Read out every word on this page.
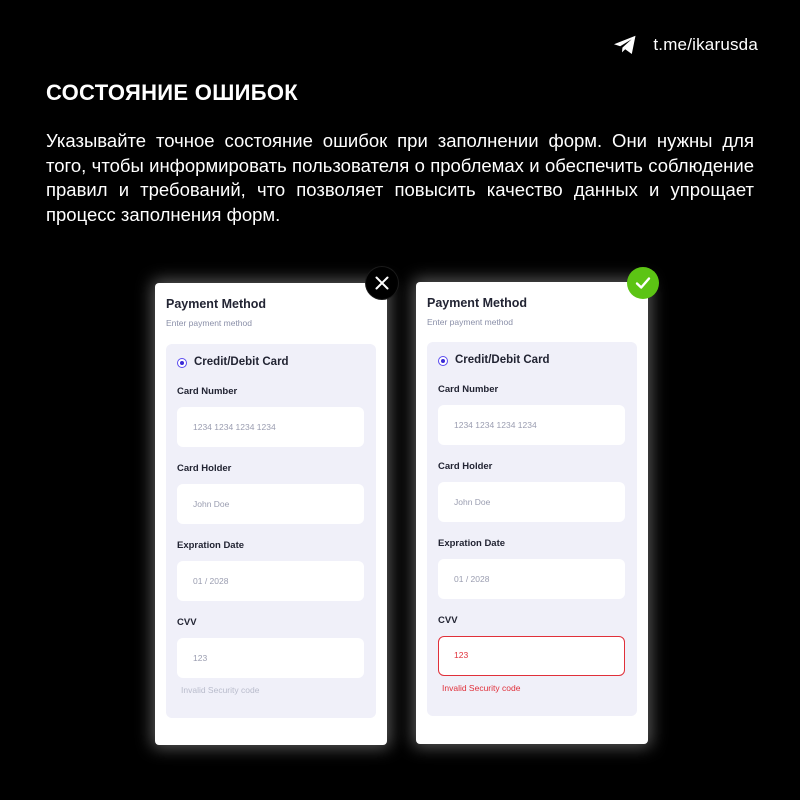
t.me/ikarusda
СОСТОЯНИЕ ОШИБОК

Указывайте точное состояние ошибок при заполнении форм. Они нужны для того, чтобы информировать пользователя о проблемах и обеспечить соблюдение правил и требований, что позволяет повысить качество данных и упрощает процесс заполнения форм.

Payment Method
Enter payment method
Credit/Debit Card
Card Number
1234 1234 1234 1234
Card Holder
John Doe
Expration Date
01 / 2028
CVV
123
Invalid Security code
Payment Method
Enter payment method
Credit/Debit Card
Card Number
1234 1234 1234 1234
Card Holder
John Doe
Expration Date
01 / 2028
CVV
123
Invalid Security code
